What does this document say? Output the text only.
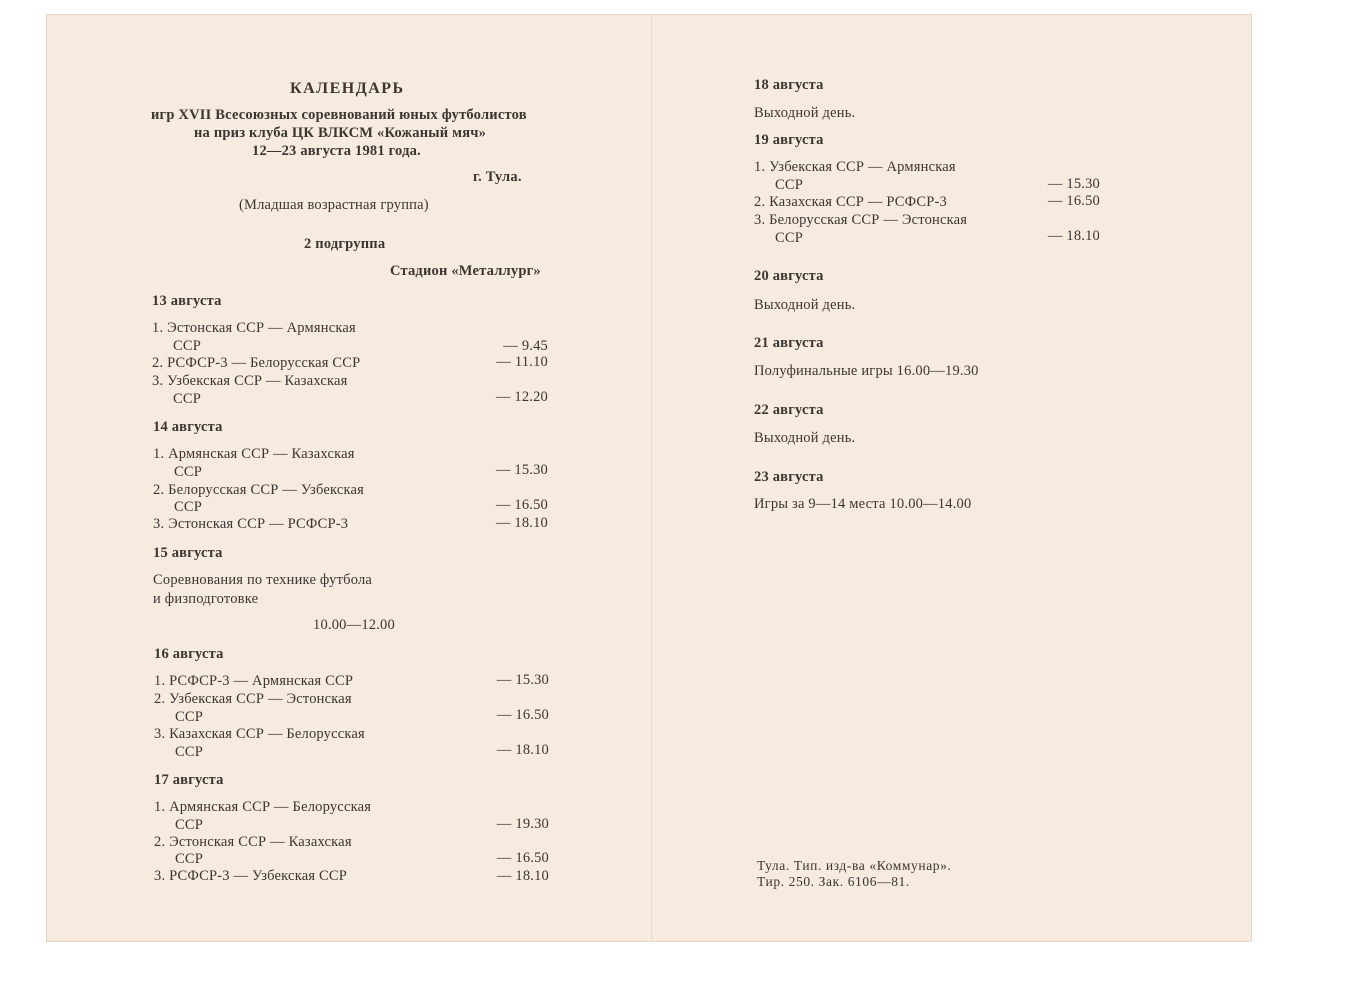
КАЛЕНДАРЬ
игр XVII Всесоюзных соревнований юных футболистов
на приз клуба ЦК ВЛКСМ «Кожаный мяч»
12—23 августа 1981 года.
г. Тула.
(Младшая возрастная группа)
2 подгруппа
Стадион «Металлург»
13 августа
1. Эстонская ССР — Армянская
ССР	— 9.45
2. РСФСР-3 — Белорусская ССР	— 11.10
3. Узбекская ССР — Казахская
ССР	— 12.20
14 августа
1. Армянская ССР — Казахская
ССР	— 15.30
2. Белорусская ССР — Узбекская
ССР	— 16.50
3. Эстонская ССР — РСФСР-3	— 18.10
15 августа
Соревнования по технике футбола
и физподготовке
10.00—12.00
16 августа
1. РСФСР-3 — Армянская ССР	— 15.30
2. Узбекская ССР — Эстонская
ССР	— 16.50
3. Казахская ССР — Белорусская
ССР	— 18.10
17 августа
1. Армянская ССР — Белорусская
ССР	— 19.30
2. Эстонская ССР — Казахская
ССР	— 16.50
3. РСФСР-3 — Узбекская ССР	— 18.10
18 августа
Выходной день.
19 августа
1. Узбекская ССР — Армянская
ССР	— 15.30
2. Казахская ССР — РСФСР-3	— 16.50
3. Белорусская ССР — Эстонская
ССР	— 18.10
20 августа
Выходной день.
21 августа
Полуфинальные игры 16.00—19.30
22 августа
Выходной день.
23 августа
Игры за 9—14 места 10.00—14.00
Тула. Тип. изд-ва «Коммунар».
Тир. 250. Зак. 6106—81.
